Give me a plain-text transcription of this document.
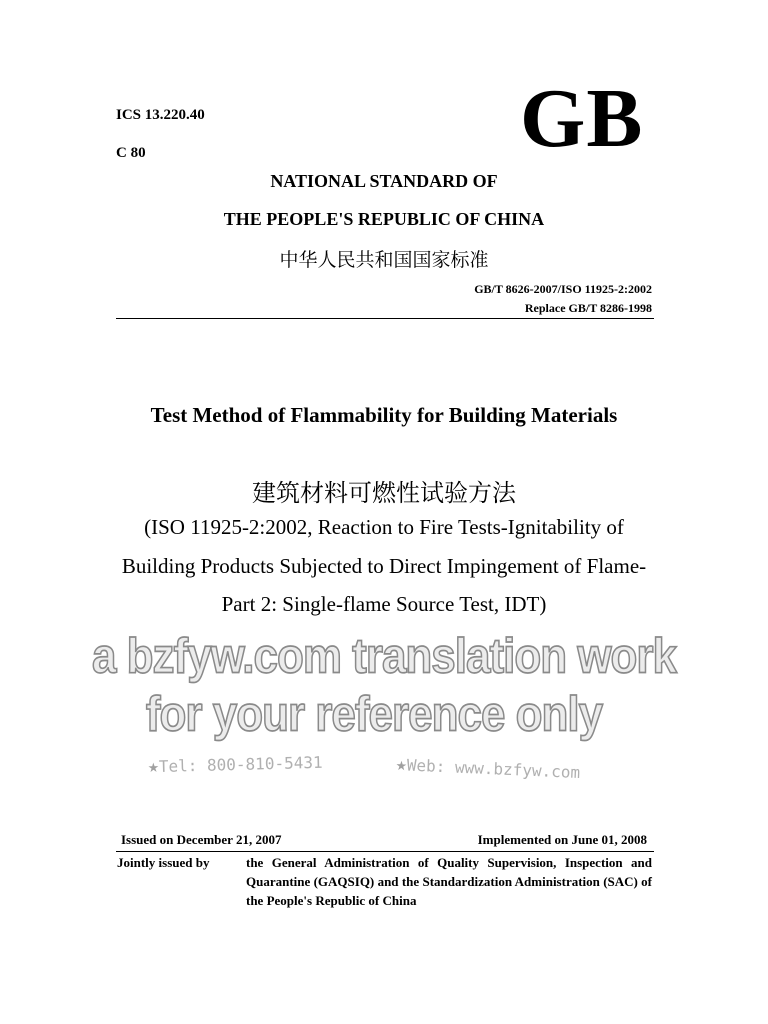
ICS 13.220.40
C 80	GB
NATIONAL STANDARD OF
THE PEOPLE'S REPUBLIC OF CHINA
中华人民共和国国家标准
GB/T 8626-2007/ISO 11925-2:2002
Replace GB/T 8286-1998
Test Method of Flammability for Building Materials
建筑材料可燃性试验方法
(ISO 11925-2:2002, Reaction to Fire Tests-Ignitability of Building Products Subjected to Direct Impingement of Flame-Part 2: Single-flame Source Test, IDT)
a bzfyw.com translation work
for your reference only
★Tel: 800-810-5431	★Web: www.bzfyw.com
Issued on December 21, 2007	Implemented on June 01, 2008
Jointly issued by	the General Administration of Quality Supervision, Inspection and Quarantine (GAQSIQ) and the Standardization Administration (SAC) of the People's Republic of China
